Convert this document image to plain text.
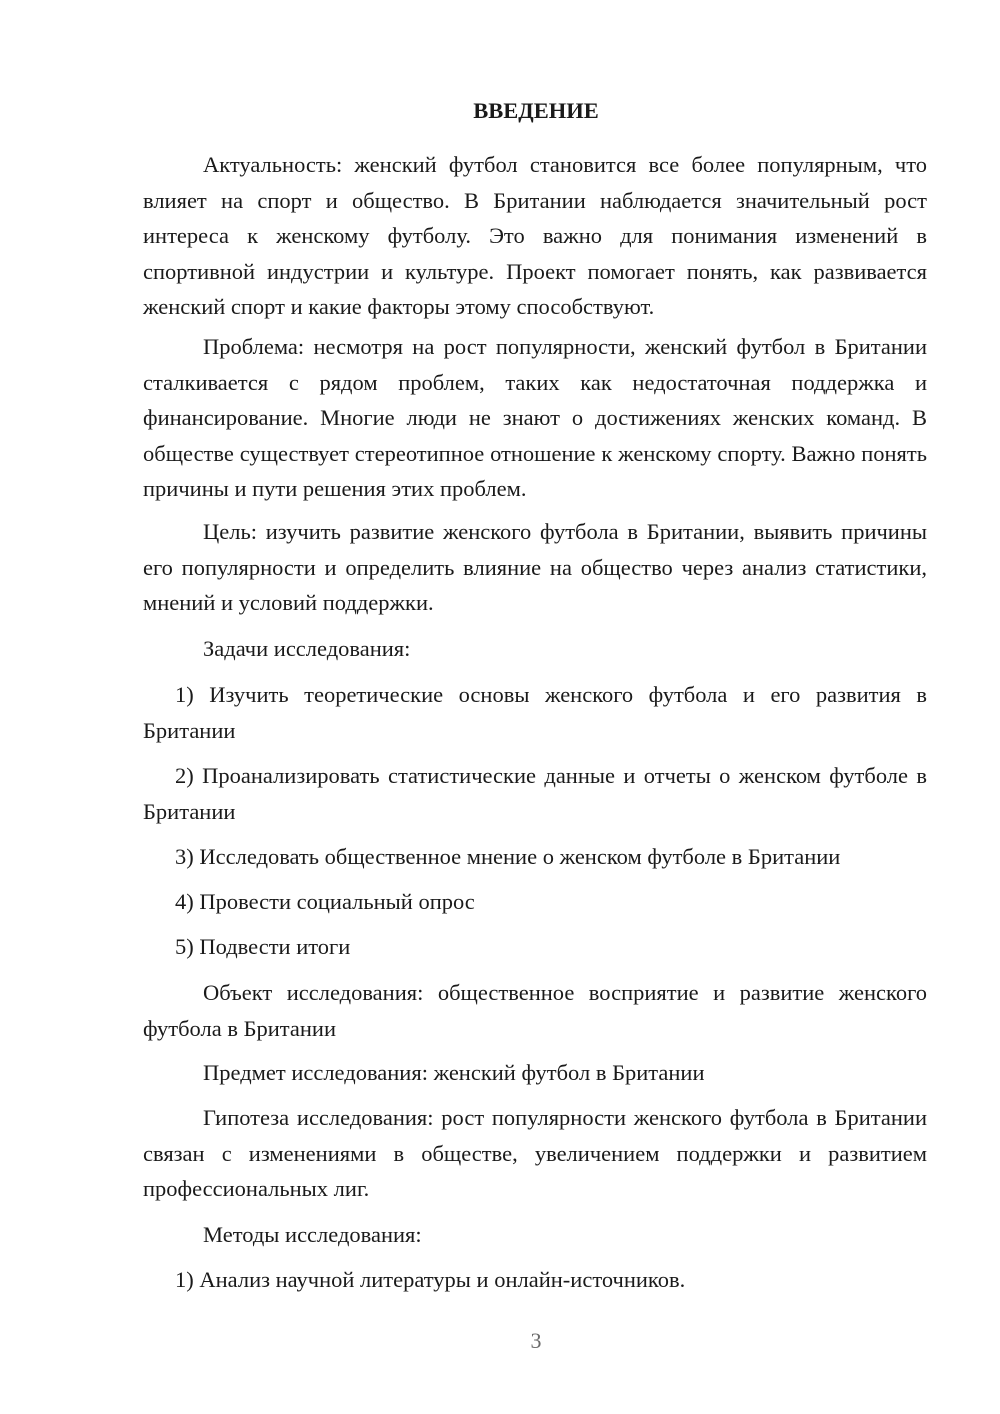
ВВЕДЕНИЕ

Актуальность: женский футбол становится все более популярным, что влияет на спорт и общество. В Британии наблюдается значительный рост интереса к женскому футболу. Это важно для понимания изменений в спортивной индустрии и культуре. Проект помогает понять, как развивается женский спорт и какие факторы этому способствуют.

Проблема: несмотря на рост популярности, женский футбол в Британии сталкивается с рядом проблем, таких как недостаточная поддержка и финансирование. Многие люди не знают о достижениях женских команд. В обществе существует стереотипное отношение к женскому спорту. Важно понять причины и пути решения этих проблем.

Цель: изучить развитие женского футбола в Британии, выявить причины его популярности и определить влияние на общество через анализ статистики, мнений и условий поддержки.

Задачи исследования:

1) Изучить теоретические основы женского футбола и его развития в Британии

2) Проанализировать статистические данные и отчеты о женском футболе в Британии

3) Исследовать общественное мнение о женском футболе в Британии

4) Провести социальный опрос

5) Подвести итоги

Объект исследования: общественное восприятие и развитие женского футбола в Британии

Предмет исследования: женский футбол в Британии

Гипотеза исследования: рост популярности женского футбола в Британии связан с изменениями в обществе, увеличением поддержки и развитием профессиональных лиг.

Методы исследования:

1) Анализ научной литературы и онлайн-источников.

3
